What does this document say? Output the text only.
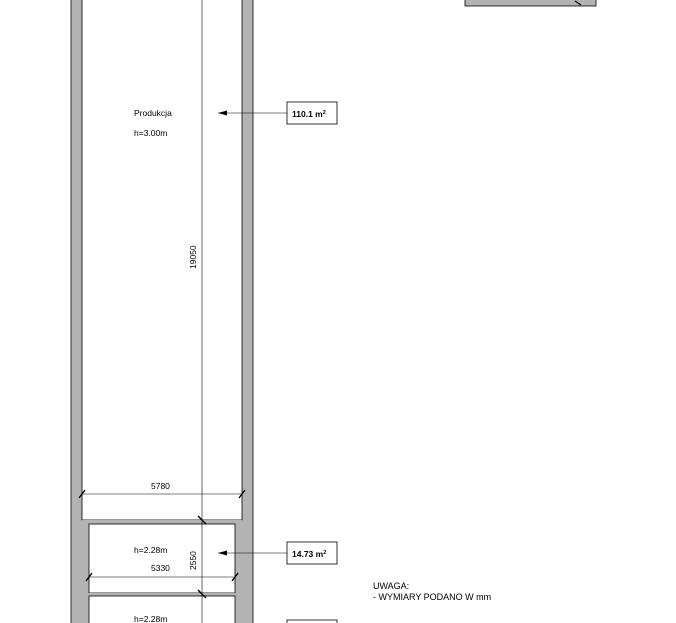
Produkcja
h=3.00m
110.1 $m^2$
19050
5780
h=2.28m	14.73 $m^2$
2550
5330
h=2.28m
UWAGA:
- WYMIARY PODANO W mm
